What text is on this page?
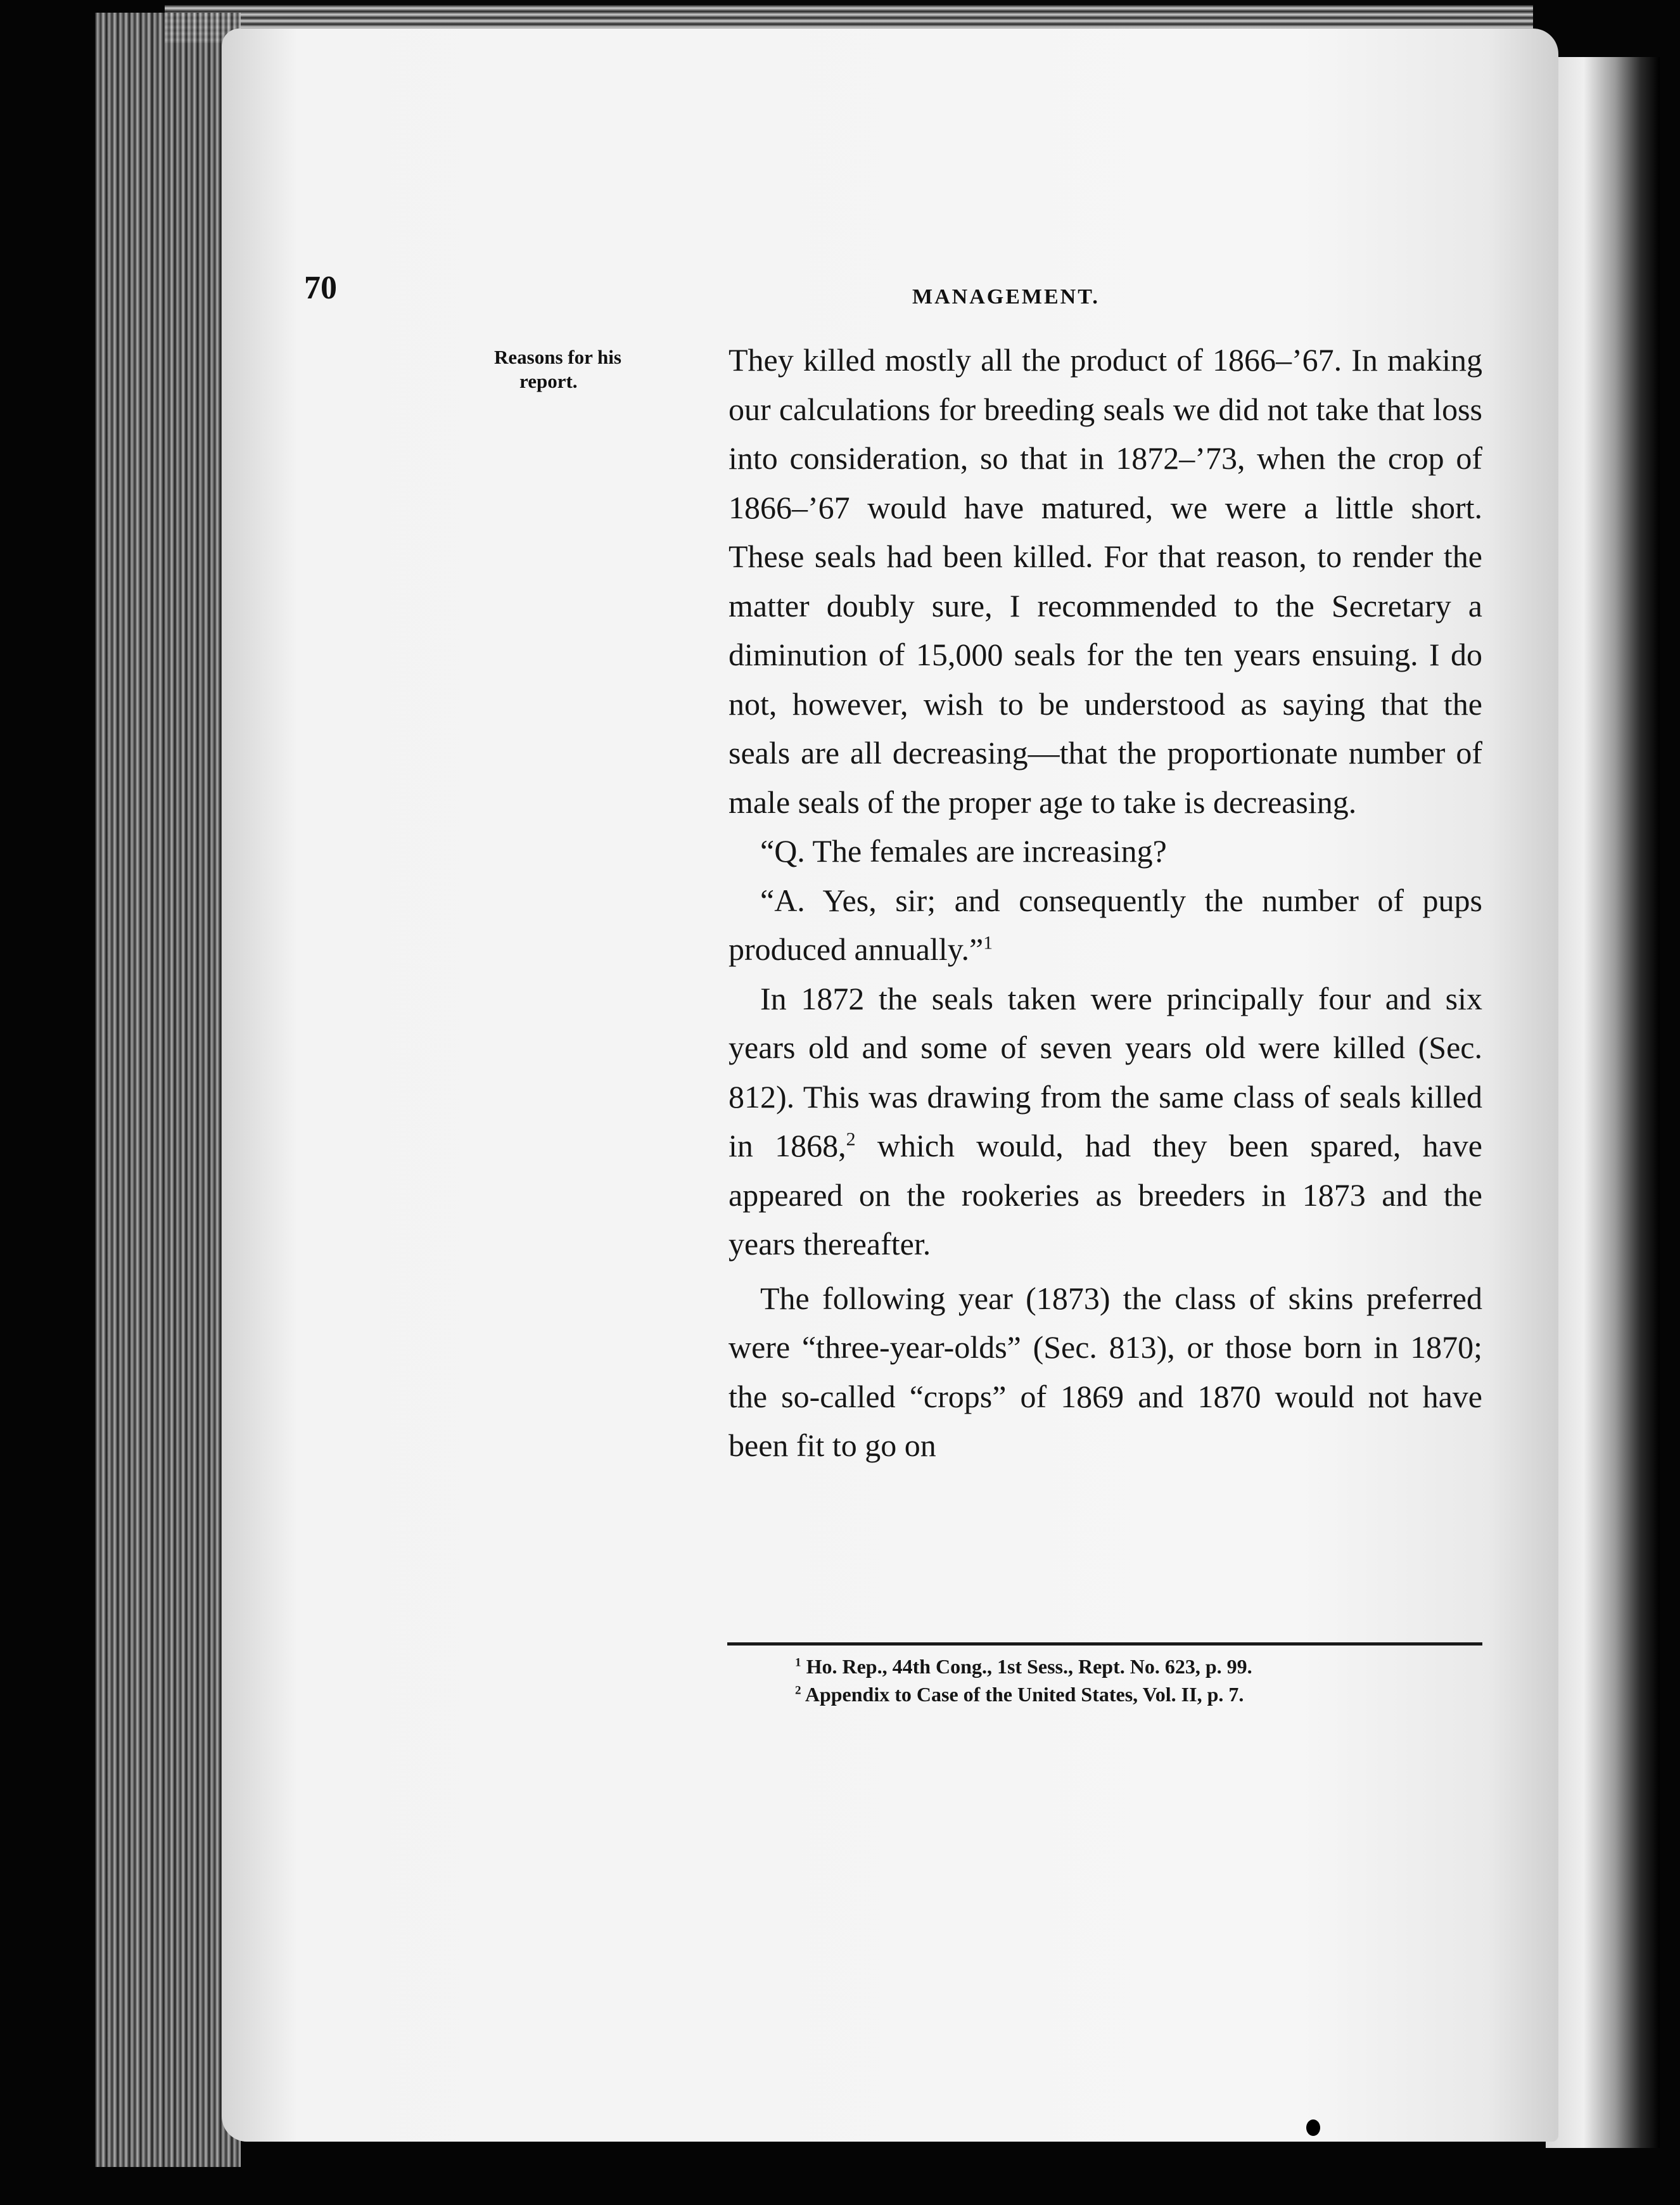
70	MANAGEMENT.
Reasons for his
report.

They killed mostly all the product of 1866–’67. In making our calculations for breeding seals we did not take that loss into consideration, so that in 1872–’73, when the crop of 1866–’67 would have matured, we were a little short. These seals had been killed. For that reason, to render the matter doubly sure, I recommended to the Secretary a diminution of 15,000 seals for the ten years ensuing. I do not, however, wish to be understood as saying that the seals are all decreasing—that the proportionate number of male seals of the proper age to take is decreasing.

“Q. The females are increasing?

“A. Yes, sir; and consequently the number of pups produced annually.”$^1$

In 1872 the seals taken were principally four and six years old and some of seven years old were killed (Sec. 812). This was drawing from the same class of seals killed in 1868,$^2$ which would, had they been spared, have appeared on the rookeries as breeders in 1873 and the years thereafter.

The following year (1873) the class of skins preferred were “three-year-olds” (Sec. 813), or those born in 1870; the so-called “crops” of 1869 and 1870 would not have been fit to go on

$^1$ Ho. Rep., 44th Cong., 1st Sess., Rept. No. 623, p. 99.
$^2$ Appendix to Case of the United States, Vol. II, p. 7.
